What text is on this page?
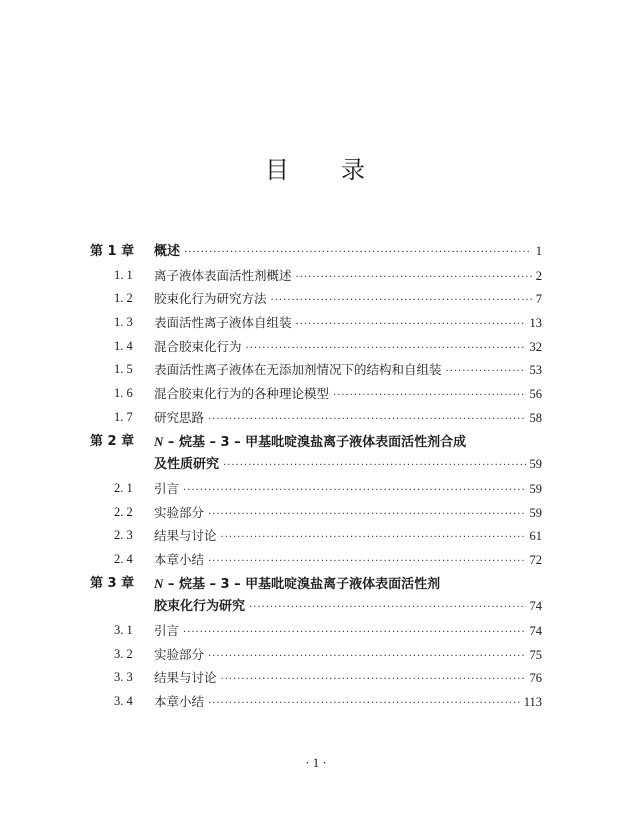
目 录
第 1 章 概述 ·····	1
1. 1 离子液体表面活性剂概述 ·····	2
1. 2 胶束化行为研究方法 ·····	7
1. 3 表面活性离子液体自组装 ·····	13
1. 4 混合胶束化行为 ·····	32
1. 5 表面活性离子液体在无添加剂情况下的结构和自组装 ·····	53
1. 6 混合胶束化行为的各种理论模型 ·····	56
1. 7 研究思路 ·····	58
第 2 章 N – 烷基 – 3 – 甲基吡啶溴盐离子液体表面活性剂合成
及性质研究 ·····	59
2. 1 引言 ·····	59
2. 2 实验部分 ·····	59
2. 3 结果与讨论 ·····	61
2. 4 本章小结 ·····	72
第 3 章 N – 烷基 – 3 – 甲基吡啶溴盐离子液体表面活性剂
胶束化行为研究 ·····	74
3. 1 引言 ·····	74
3. 2 实验部分 ·····	75
3. 3 结果与讨论 ·····	76
3. 4 本章小结 ·····	113
· 1 ·
